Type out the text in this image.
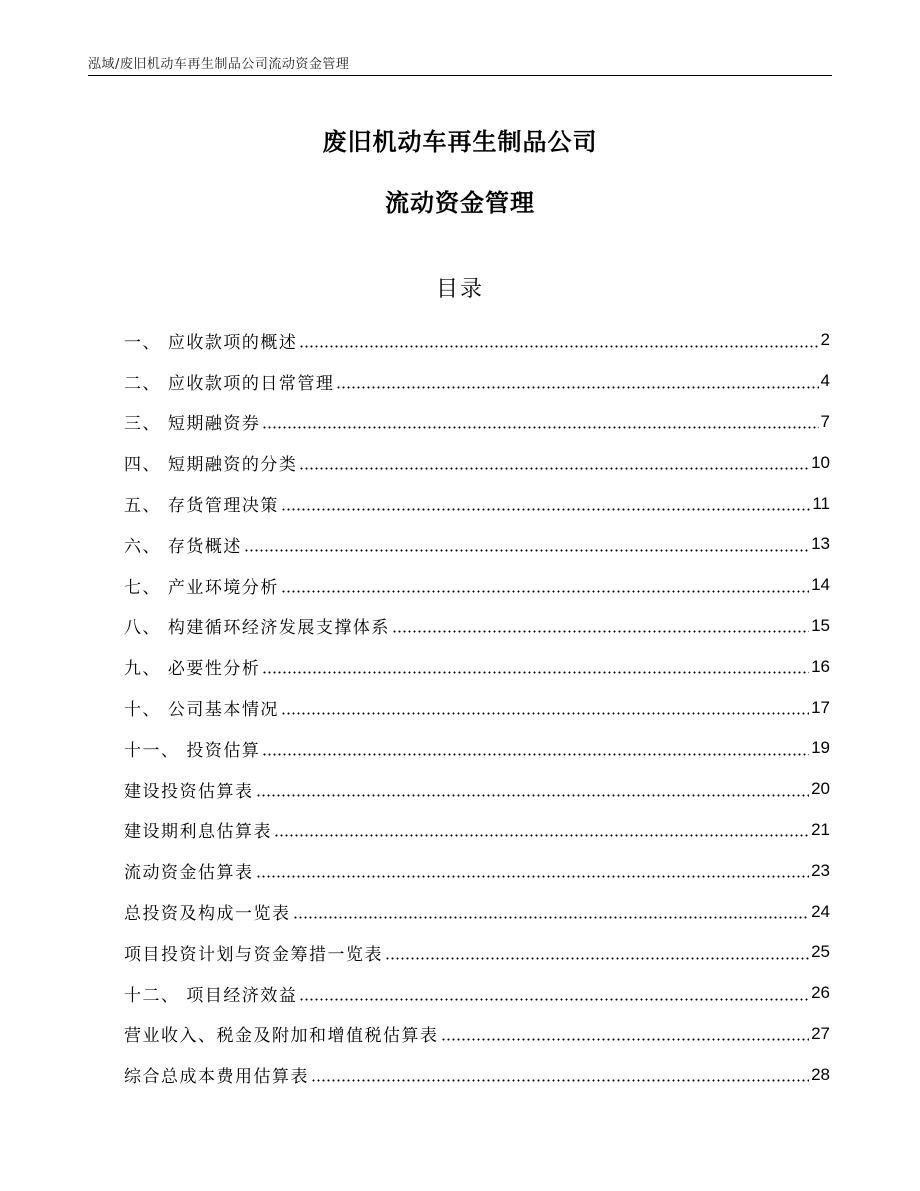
泓域/废旧机动车再生制品公司流动资金管理
废旧机动车再生制品公司
流动资金管理
目录
一、 应收款项的概述	2
二、 应收款项的日常管理	4
三、 短期融资券	7
四、 短期融资的分类	10
五、 存货管理决策	11
六、 存货概述	13
七、 产业环境分析	14
八、 构建循环经济发展支撑体系	15
九、 必要性分析	16
十、 公司基本情况	17
十一、 投资估算	19
建设投资估算表	20
建设期利息估算表	21
流动资金估算表	23
总投资及构成一览表	24
项目投资计划与资金筹措一览表	25
十二、 项目经济效益	26
营业收入、税金及附加和增值税估算表	27
综合总成本费用估算表	28
